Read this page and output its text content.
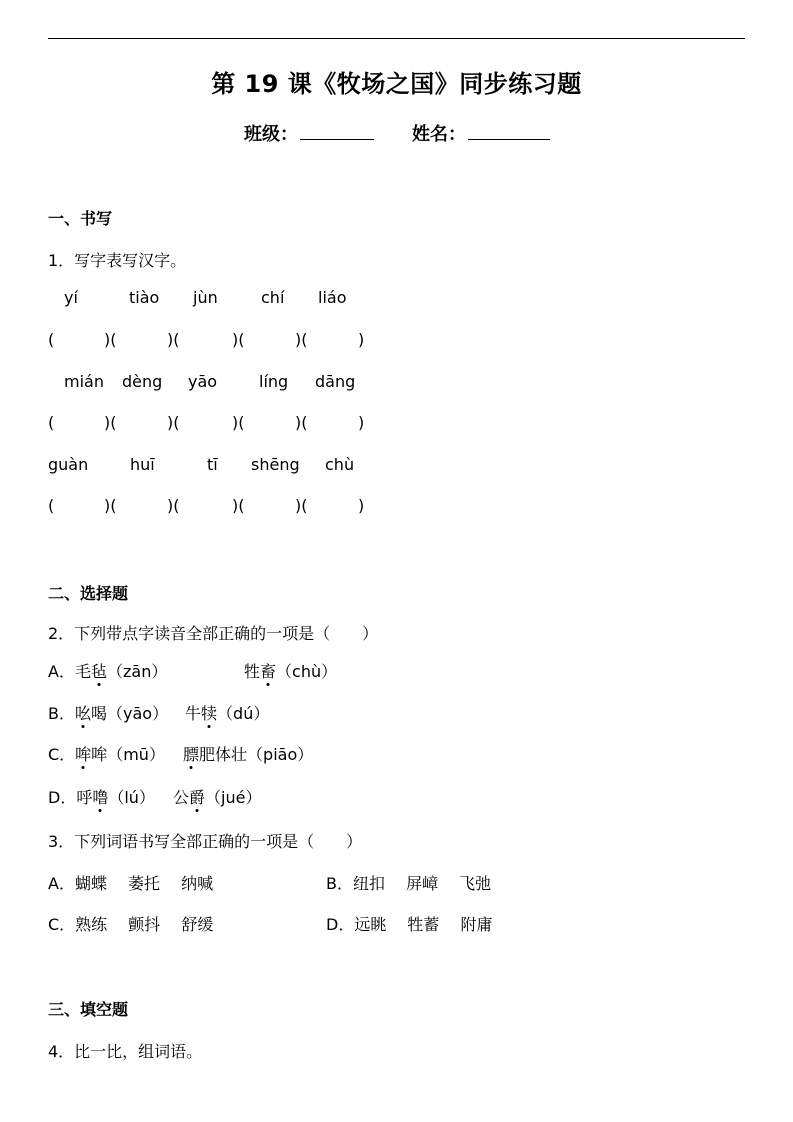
第 19 课《牧场之国》同步练习题
班级：	姓名：
一、书写
1．写字表写汉字。
yí	tiào jùn	chí liáo
(	)(	)(	)(	)(	)
mián dèng yāo	líng dāng
(	)(	)(	)(	)(	)
guàn	huī	tī shēng chù
(	)(	)(	)(	)(	)
二、选择题
2．下列带点字读音全部正确的一项是（　　）
A．毛毡（zān）	牲畜（chù）
B．吆喝（yāo） 牛犊（dú）
C．哞哞（mū） 膘肥体壮（piāo）
D．呼噜（lú） 公爵（jué）
3．下列词语书写全部正确的一项是（　　）
A．蝴蝶　 萎托　 纳喊	B．纽扣　 屏嶂　 飞弛
C．熟练　 颤抖　 舒缓	D．远眺　 牲蓄　 附庸
三、填空题
4．比一比，组词语。
